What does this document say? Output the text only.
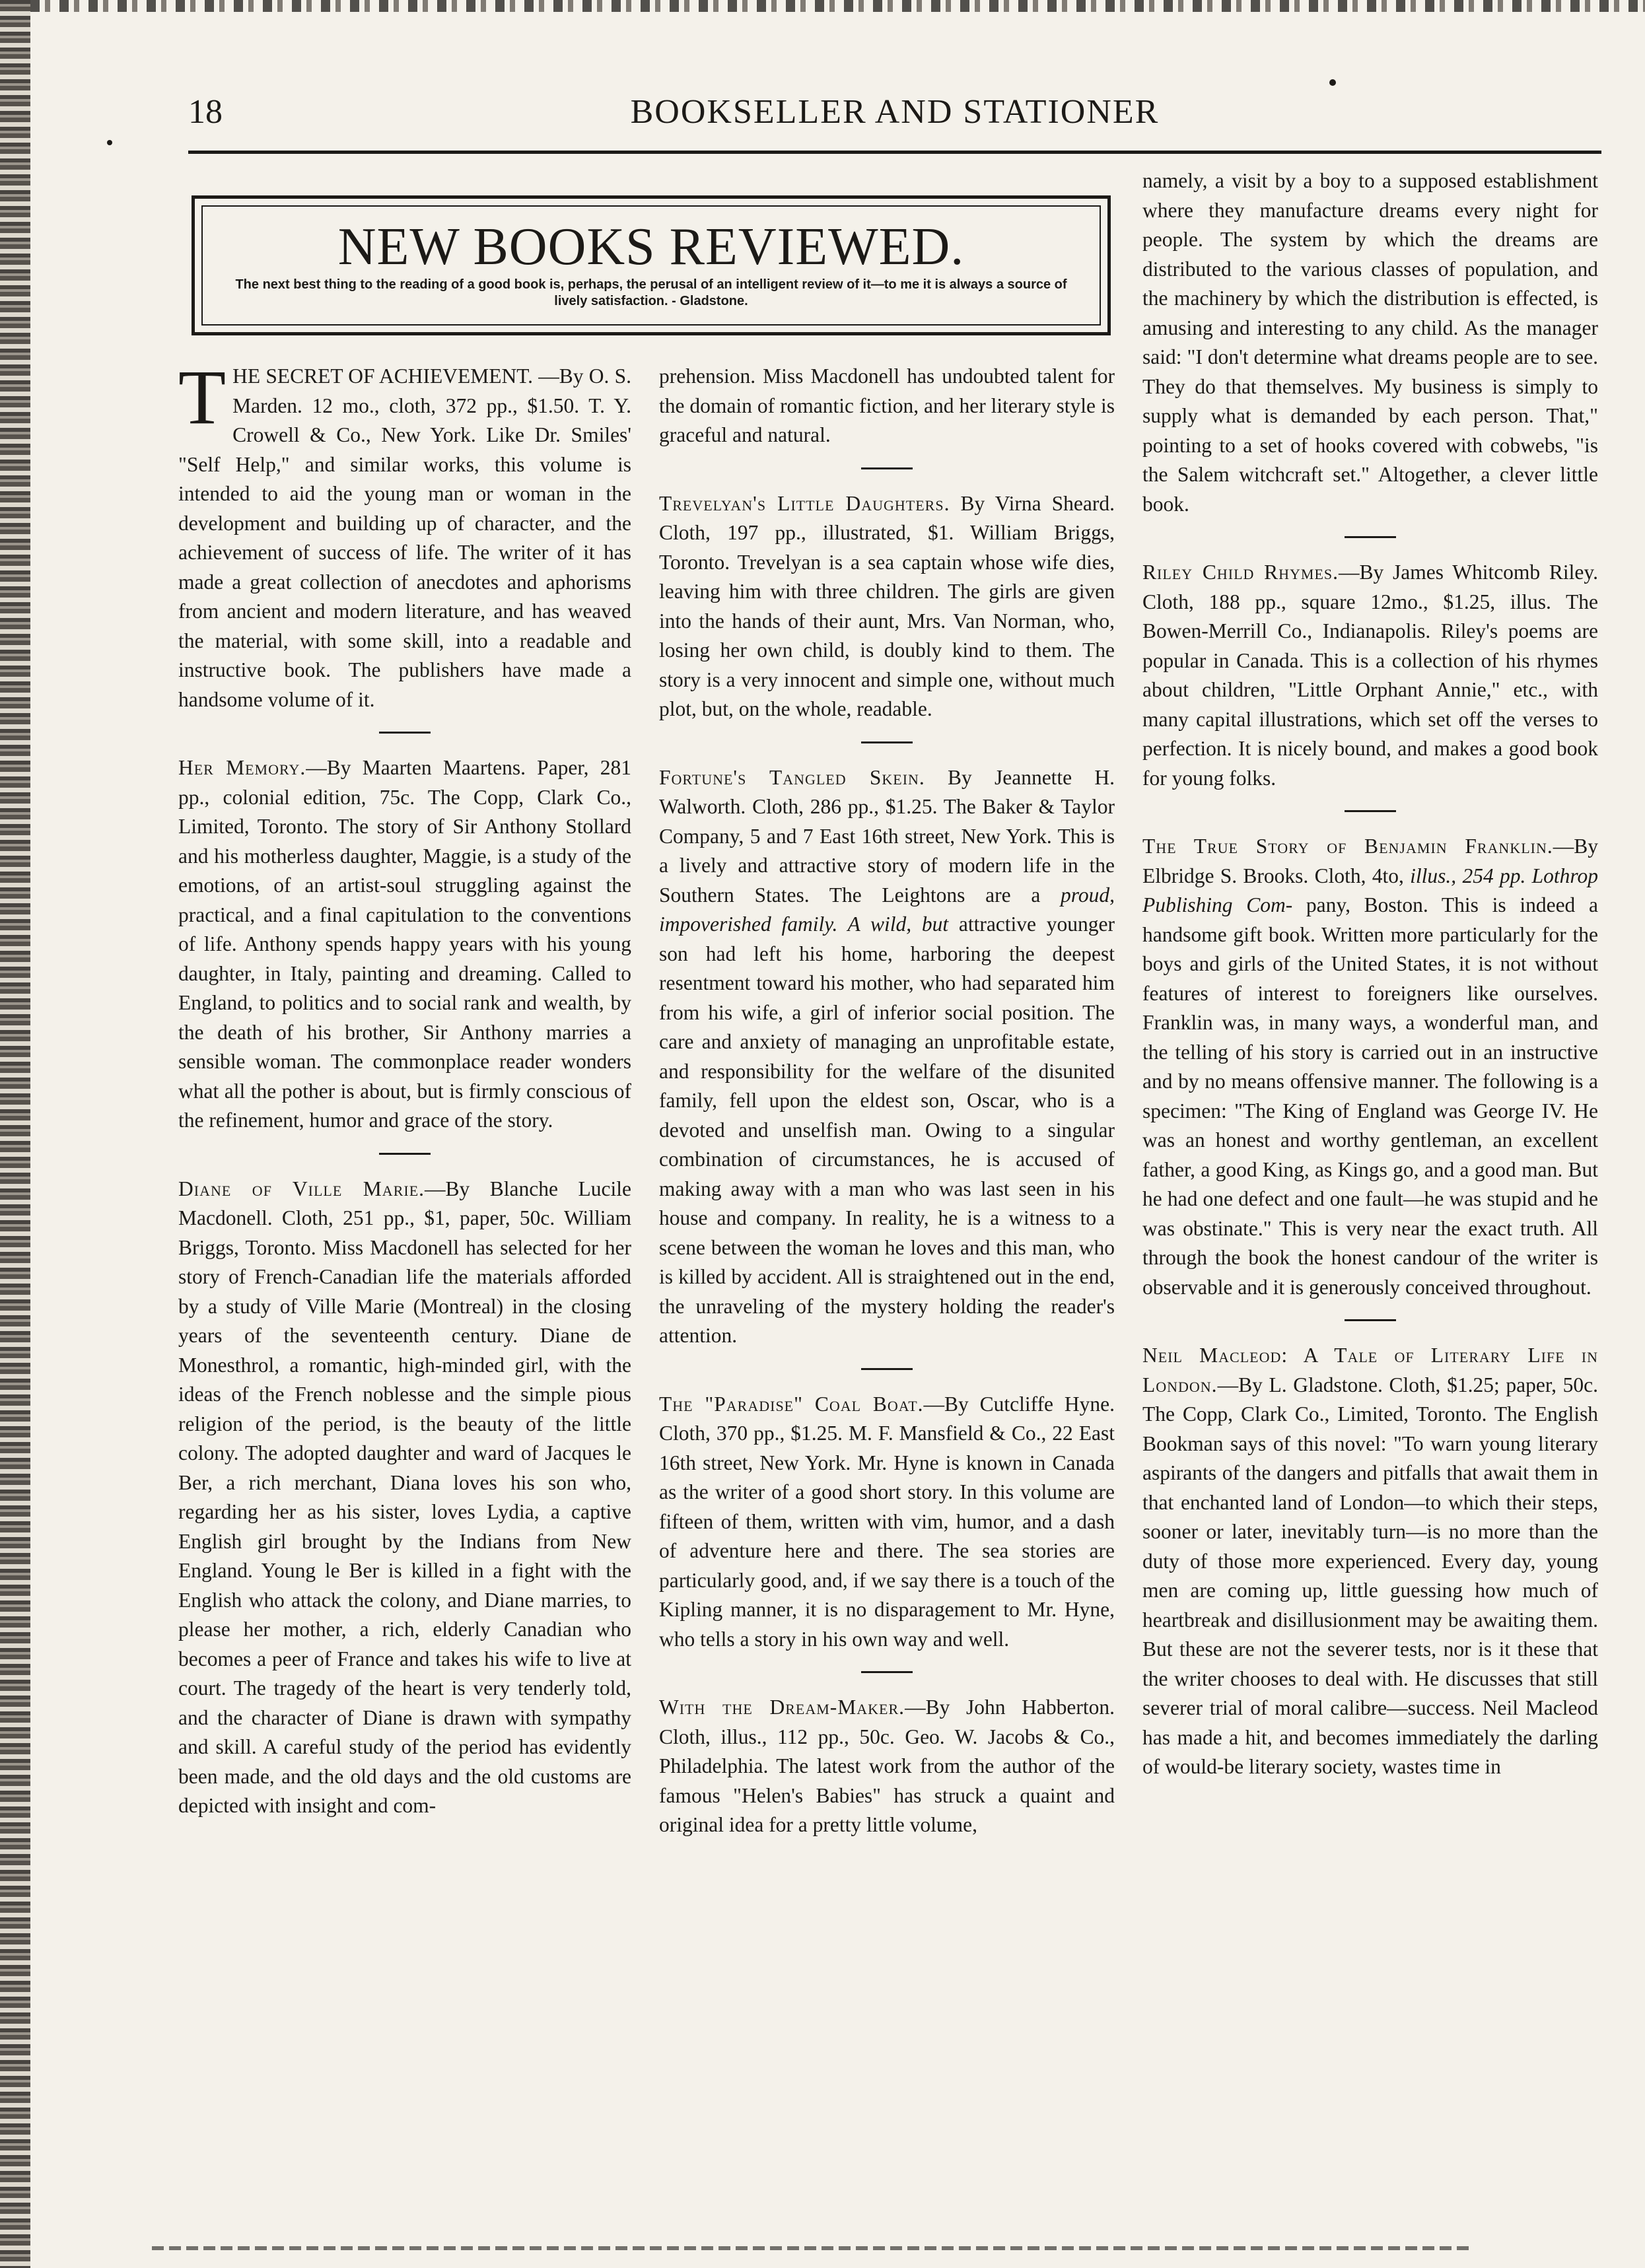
18	BOOKSELLER AND STATIONER
NEW BOOKS REVIEWED.
The next best thing to the reading of a good book is, perhaps, the perusal of an intelligent review of it—to me it is always a source of lively satisfaction. - Gladstone.

THE SECRET OF ACHIEVEMENT. —By O. S. Marden. 12 mo., cloth, 372 pp., $1.50. T. Y. Crowell & Co., New York. Like Dr. Smiles' "Self Help," and similar works, this volume is intended to aid the young man or woman in the development and building up of character, and the achievement of success of life. The writer of it has made a great collection of anecdotes and aphorisms from ancient and modern literature, and has weaved the material, with some skill, into a readable and instructive book. The publishers have made a handsome volume of it.

Her Memory.—By Maarten Maartens. Paper, 281 pp., colonial edition, 75c. The Copp, Clark Co., Limited, Toronto. The story of Sir Anthony Stollard and his motherless daughter, Maggie, is a study of the emotions, of an artist-soul struggling against the practical, and a final capitulation to the conventions of life. Anthony spends happy years with his young daughter, in Italy, painting and dreaming. Called to England, to politics and to social rank and wealth, by the death of his brother, Sir Anthony marries a sensible woman. The commonplace reader wonders what all the pother is about, but is firmly conscious of the refinement, humor and grace of the story.

Diane of Ville Marie.—By Blanche Lucile Macdonell. Cloth, 251 pp., $1, paper, 50c. William Briggs, Toronto. Miss Macdonell has selected for her story of French-Canadian life the materials afforded by a study of Ville Marie (Montreal) in the closing years of the seventeenth century. Diane de Monesthrol, a romantic, high-minded girl, with the ideas of the French noblesse and the simple pious religion of the period, is the beauty of the little colony. The adopted daughter and ward of Jacques le Ber, a rich merchant, Diana loves his son who, regarding her as his sister, loves Lydia, a captive English girl brought by the Indians from New England. Young le Ber is killed in a fight with the English who attack the colony, and Diane marries, to please her mother, a rich, elderly Canadian who becomes a peer of France and takes his wife to live at court. The tragedy of the heart is very tenderly told, and the character of Diane is drawn with sympathy and skill. A careful study of the period has evidently been made, and the old days and the old customs are depicted with insight and com-

prehension. Miss Macdonell has undoubted talent for the domain of romantic fiction, and her literary style is graceful and natural.

Trevelyan's Little Daughters. By Virna Sheard. Cloth, 197 pp., illustrated, $1. William Briggs, Toronto. Trevelyan is a sea captain whose wife dies, leaving him with three children. The girls are given into the hands of their aunt, Mrs. Van Norman, who, losing her own child, is doubly kind to them. The story is a very innocent and simple one, without much plot, but, on the whole, readable.

Fortune's Tangled Skein. By Jeannette H. Walworth. Cloth, 286 pp., $1.25. The Baker & Taylor Company, 5 and 7 East 16th street, New York. This is a lively and attractive story of modern life in the Southern States. The Leightons are a proud, impoverished family. A wild, but attractive younger son had left his home, harboring the deepest resentment toward his mother, who had separated him from his wife, a girl of inferior social position. The care and anxiety of managing an unprofitable estate, and responsibility for the welfare of the disunited family, fell upon the eldest son, Oscar, who is a devoted and unselfish man. Owing to a singular combination of circumstances, he is accused of making away with a man who was last seen in his house and company. In reality, he is a witness to a scene between the woman he loves and this man, who is killed by accident. All is straightened out in the end, the unraveling of the mystery holding the reader's attention.

The "Paradise" Coal Boat.—By Cutcliffe Hyne. Cloth, 370 pp., $1.25. M. F. Mansfield & Co., 22 East 16th street, New York. Mr. Hyne is known in Canada as the writer of a good short story. In this volume are fifteen of them, written with vim, humor, and a dash of adventure here and there. The sea stories are particularly good, and, if we say there is a touch of the Kipling manner, it is no disparagement to Mr. Hyne, who tells a story in his own way and well.

With the Dream-Maker.—By John Habberton. Cloth, illus., 112 pp., 50c. Geo. W. Jacobs & Co., Philadelphia. The latest work from the author of the famous "Helen's Babies" has struck a quaint and original idea for a pretty little volume,

namely, a visit by a boy to a supposed establishment where they manufacture dreams every night for people. The system by which the dreams are distributed to the various classes of population, and the machinery by which the distribution is effected, is amusing and interesting to any child. As the manager said: "I don't determine what dreams people are to see. They do that themselves. My business is simply to supply what is demanded by each person. That," pointing to a set of hooks covered with cobwebs, "is the Salem witchcraft set." Altogether, a clever little book.

Riley Child Rhymes.—By James Whitcomb Riley. Cloth, 188 pp., square 12mo., $1.25, illus. The Bowen-Merrill Co., Indianapolis. Riley's poems are popular in Canada. This is a collection of his rhymes about children, "Little Orphant Annie," etc., with many capital illustrations, which set off the verses to perfection. It is nicely bound, and makes a good book for young folks.

The True Story of Benjamin Franklin.—By Elbridge S. Brooks. Cloth, 4to, illus., 254 pp. Lothrop Publishing Com- pany, Boston. This is indeed a handsome gift book. Written more particularly for the boys and girls of the United States, it is not without features of interest to foreigners like ourselves. Franklin was, in many ways, a wonderful man, and the telling of his story is carried out in an instructive and by no means offensive manner. The following is a specimen: "The King of England was George IV. He was an honest and worthy gentleman, an excellent father, a good King, as Kings go, and a good man. But he had one defect and one fault—he was stupid and he was obstinate." This is very near the exact truth. All through the book the honest candour of the writer is observable and it is generously conceived throughout.

Neil Macleod: A Tale of Literary Life in London.—By L. Gladstone. Cloth, $1.25; paper, 50c. The Copp, Clark Co., Limited, Toronto. The English Bookman says of this novel: "To warn young literary aspirants of the dangers and pitfalls that await them in that enchanted land of London—to which their steps, sooner or later, inevitably turn—is no more than the duty of those more experienced. Every day, young men are coming up, little guessing how much of heartbreak and disillusionment may be awaiting them. But these are not the severer tests, nor is it these that the writer chooses to deal with. He discusses that still severer trial of moral calibre—success. Neil Macleod has made a hit, and becomes immediately the darling of would-be literary society, wastes time in
